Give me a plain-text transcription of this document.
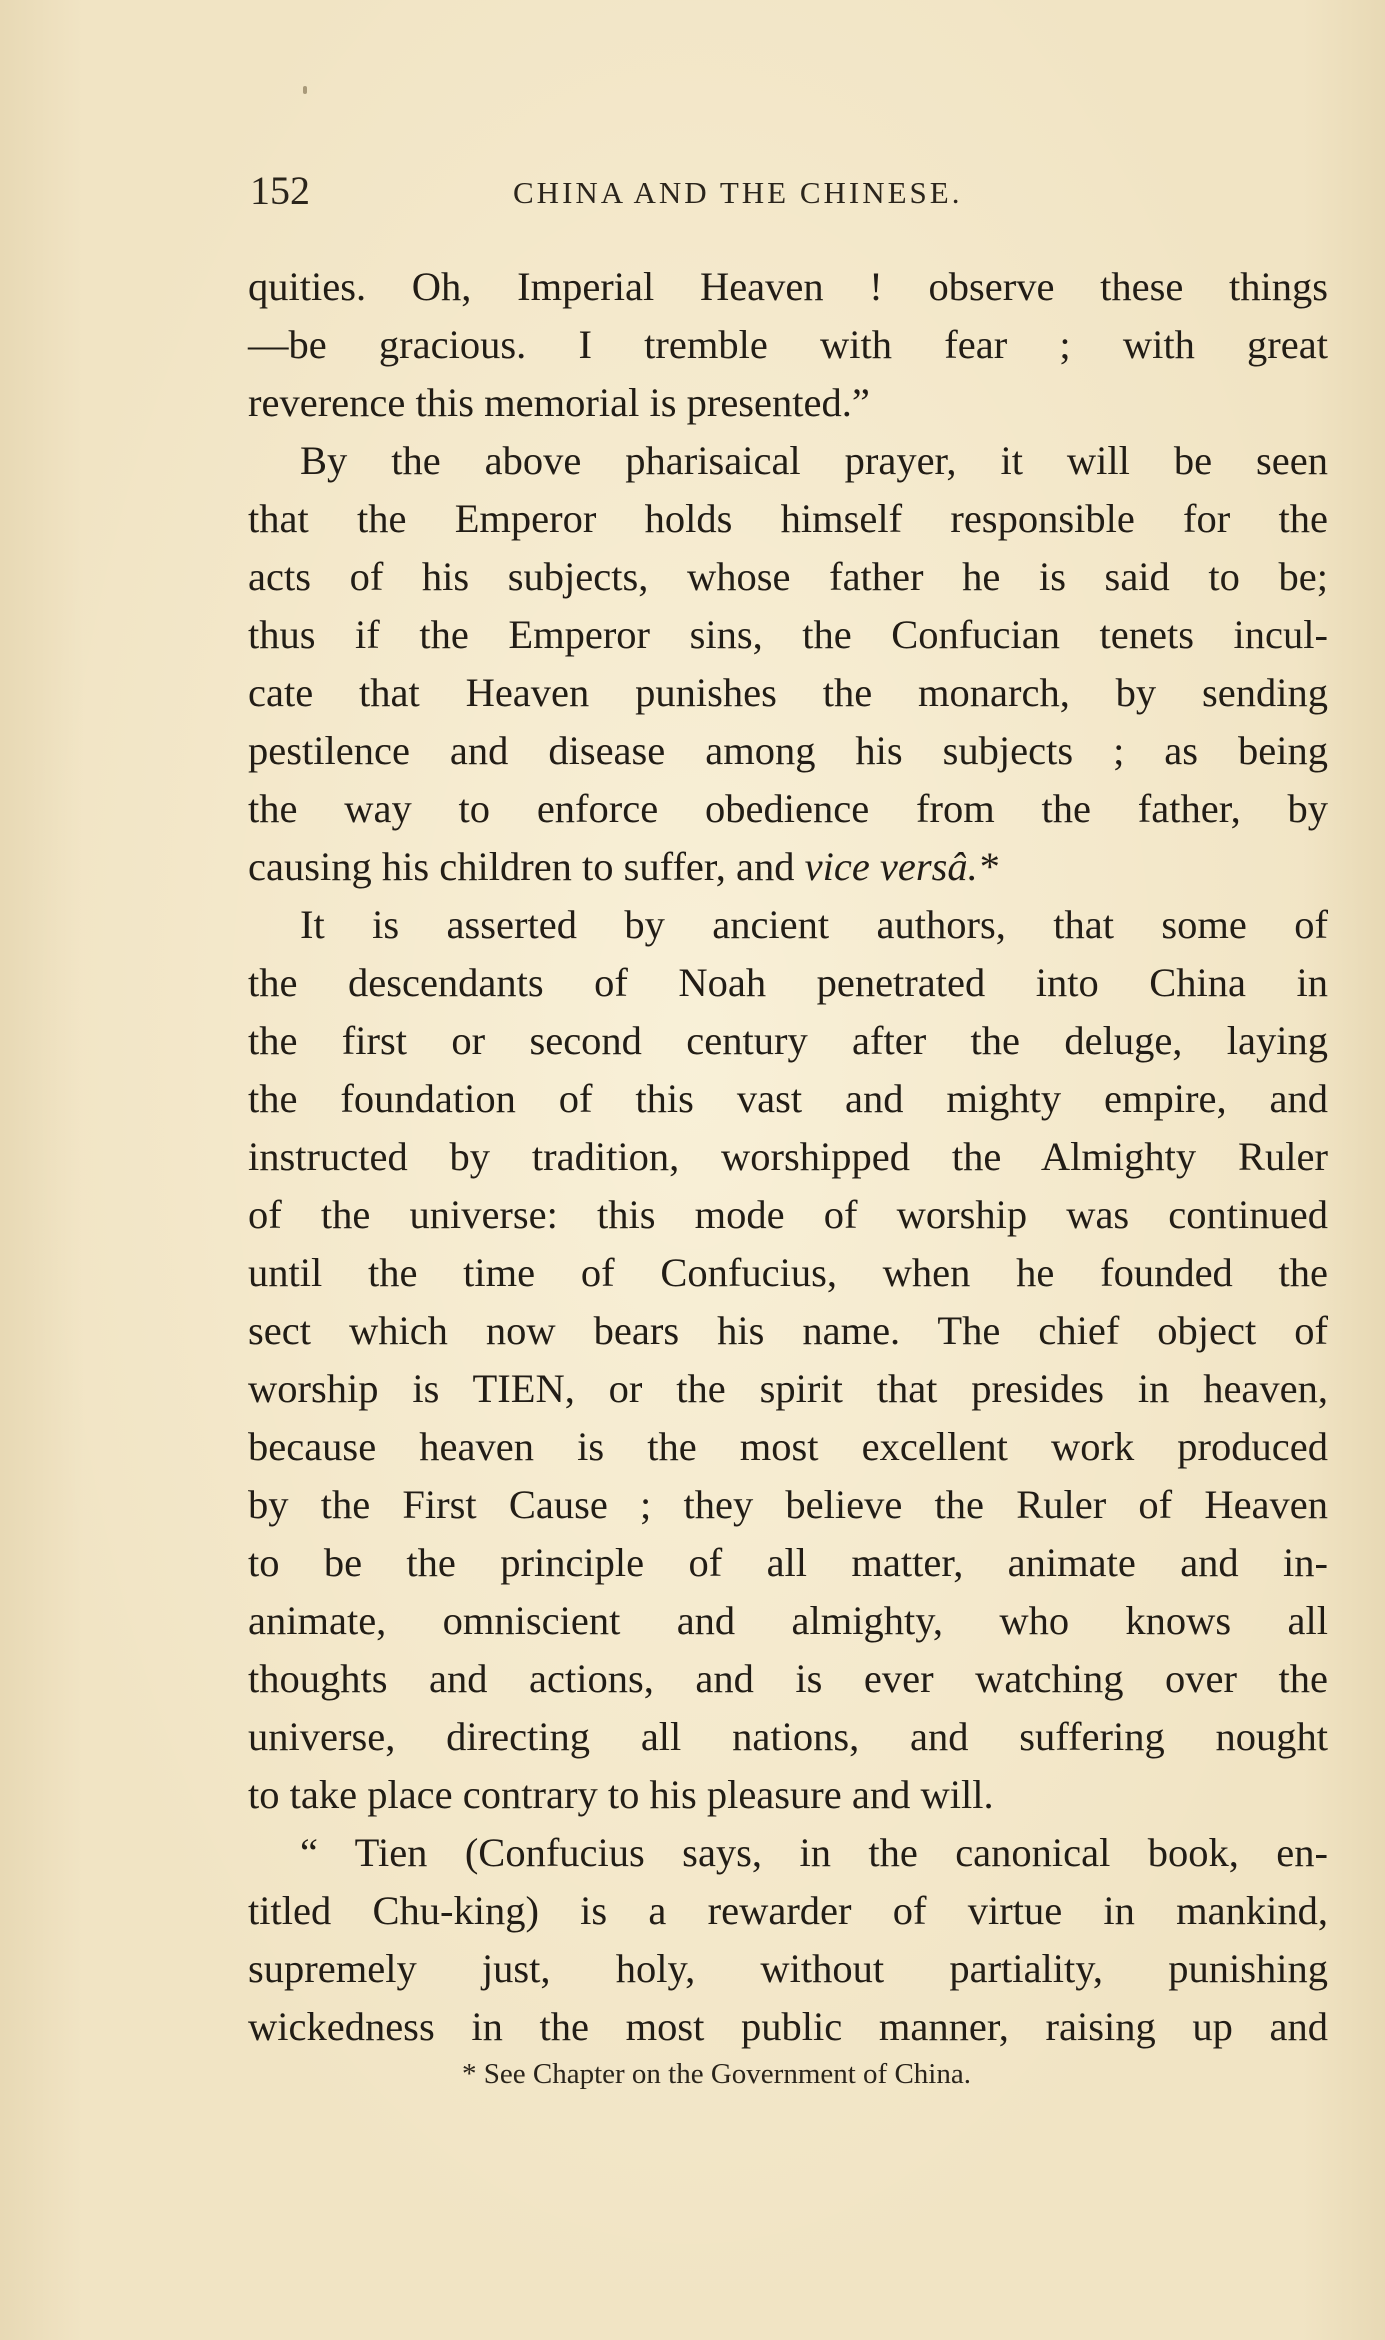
152	CHINA AND THE CHINESE.
quities. Oh, Imperial Heaven ! observe these things
—be gracious. I tremble with fear ; with great
reverence this memorial is presented.”
By the above pharisaical prayer, it will be seen
that the Emperor holds himself responsible for the
acts of his subjects, whose father he is said to be;
thus if the Emperor sins, the Confucian tenets incul-
cate that Heaven punishes the monarch, by sending
pestilence and disease among his subjects ; as being
the way to enforce obedience from the father, by
causing his children to suffer, and vice versâ.*
It is asserted by ancient authors, that some of
the descendants of Noah penetrated into China in
the first or second century after the deluge, laying
the foundation of this vast and mighty empire, and
instructed by tradition, worshipped the Almighty Ruler
of the universe: this mode of worship was continued
until the time of Confucius, when he founded the
sect which now bears his name. The chief object of
worship is TIEN, or the spirit that presides in heaven,
because heaven is the most excellent work produced
by the First Cause ; they believe the Ruler of Heaven
to be the principle of all matter, animate and in-
animate, omniscient and almighty, who knows all
thoughts and actions, and is ever watching over the
universe, directing all nations, and suffering nought
to take place contrary to his pleasure and will.
“ Tien (Confucius says, in the canonical book, en-
titled Chu-king) is a rewarder of virtue in mankind,
supremely just, holy, without partiality, punishing
wickedness in the most public manner, raising up and
* See Chapter on the Government of China.
